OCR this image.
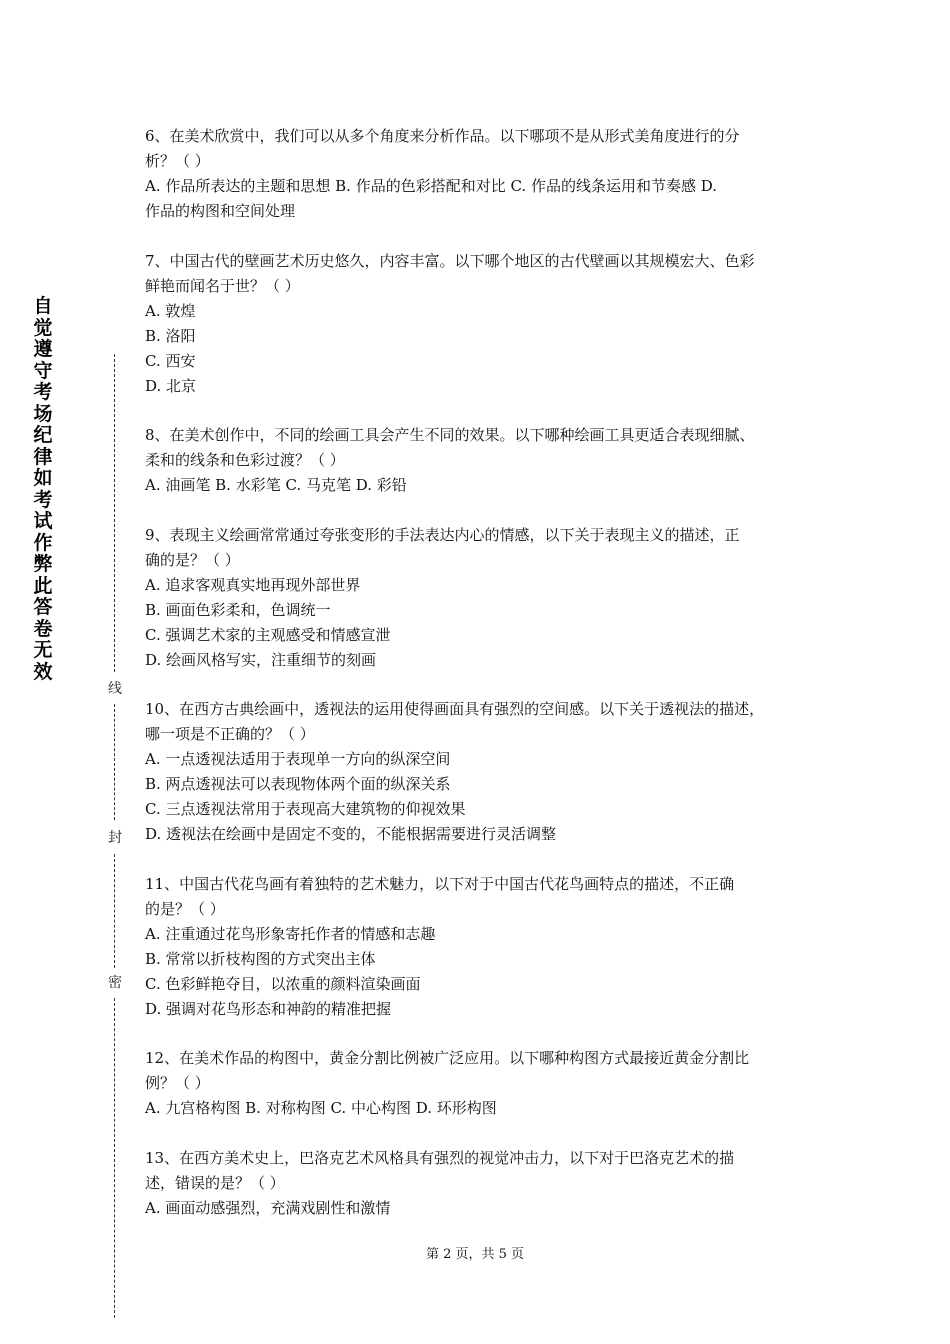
自觉遵守考场纪律如考试作弊此答卷无效
线
封
密
6、在美术欣赏中，我们可以从多个角度来分析作品。以下哪项不是从形式美角度进行的分
析？（ ）
A. 作品所表达的主题和思想 B. 作品的色彩搭配和对比 C. 作品的线条运用和节奏感 D.
作品的构图和空间处理
7、中国古代的壁画艺术历史悠久，内容丰富。以下哪个地区的古代壁画以其规模宏大、色彩
鲜艳而闻名于世？（ ）
A. 敦煌
B. 洛阳
C. 西安
D. 北京
8、在美术创作中，不同的绘画工具会产生不同的效果。以下哪种绘画工具更适合表现细腻、
柔和的线条和色彩过渡？（ ）
A. 油画笔 B. 水彩笔 C. 马克笔 D. 彩铅
9、表现主义绘画常常通过夸张变形的手法表达内心的情感，以下关于表现主义的描述，正
确的是？（ ）
A. 追求客观真实地再现外部世界
B. 画面色彩柔和，色调统一
C. 强调艺术家的主观感受和情感宣泄
D. 绘画风格写实，注重细节的刻画
10、在西方古典绘画中，透视法的运用使得画面具有强烈的空间感。以下关于透视法的描述，
哪一项是不正确的？（ ）
A. 一点透视法适用于表现单一方向的纵深空间
B. 两点透视法可以表现物体两个面的纵深关系
C. 三点透视法常用于表现高大建筑物的仰视效果
D. 透视法在绘画中是固定不变的，不能根据需要进行灵活调整
11、中国古代花鸟画有着独特的艺术魅力，以下对于中国古代花鸟画特点的描述，不正确
的是？（ ）
A. 注重通过花鸟形象寄托作者的情感和志趣
B. 常常以折枝构图的方式突出主体
C. 色彩鲜艳夺目，以浓重的颜料渲染画面
D. 强调对花鸟形态和神韵的精准把握
12、在美术作品的构图中，黄金分割比例被广泛应用。以下哪种构图方式最接近黄金分割比
例？（ ）
A. 九宫格构图 B. 对称构图 C. 中心构图 D. 环形构图
13、在西方美术史上，巴洛克艺术风格具有强烈的视觉冲击力，以下对于巴洛克艺术的描
述，错误的是？（ ）
A. 画面动感强烈，充满戏剧性和激情
第 2 页，共 5 页
